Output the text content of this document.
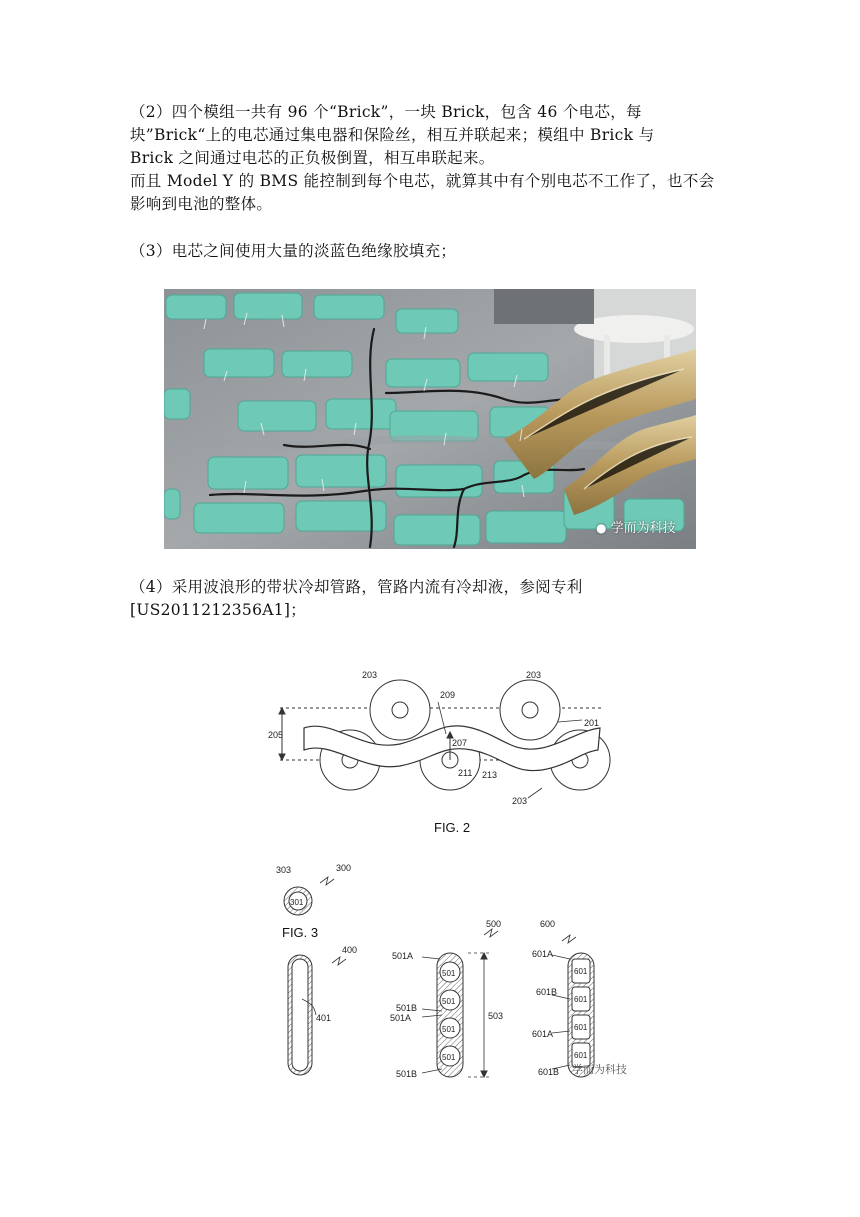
（2）四个模组一共有 96 个“Brick”，一块 Brick，包含 46 个电芯，每
块”Brick“上的电芯通过集电器和保险丝，相互并联起来；模组中 Brick 与
Brick 之间通过电芯的正负极倒置，相互串联起来。
而且 Model Y 的 BMS 能控制到每个电芯，就算其中有个别电芯不工作了，也不会
影响到电池的整体。
（3）电芯之间使用大量的淡蓝色绝缘胶填充；
● 学而为科技
（4）采用波浪形的带状冷却管路，管路内流有冷却液，参阅专利
[US2011212356A1]；
203	203
209
201
205
207
211 213
203
FIG. 2
303	300
301
FIG. 3
400
401
500
501A
501B
501A	503
501B
501
501
501
501
600
601A
601B
601A
601B
601
601
601
601
学而为科技
